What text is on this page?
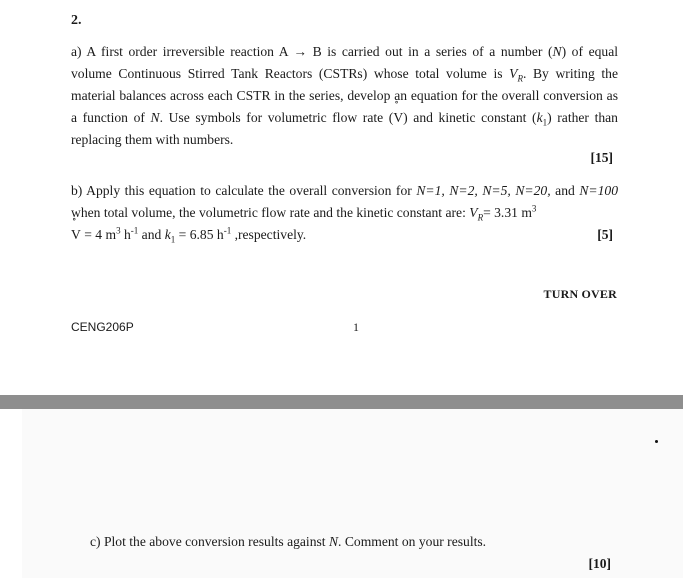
2.
a) A first order irreversible reaction A → B is carried out in a series of a number (N) of equal volume Continuous Stirred Tank Reactors (CSTRs) whose total volume is $V_R$. By writing the material balances across each CSTR in the series, develop an equation for the overall conversion as a function of N. Use symbols for volumetric flow rate (∘ V) and kinetic constant $(k_1)$ rather than replacing them with numbers.
[15]
b) Apply this equation to calculate the overall conversion for N=1, N=2, N=5, N=20, and N=100 when total volume, the volumetric flow rate and the kinetic constant are: $V_R= 3.31$ $m^3$
∘ V = 4 $m^3$ $h^{-1}$ and $k_1 = 6.85$ $h^{-1}$ ,respectively.	[5]
TURN OVER
CENG206P	1
c) Plot the above conversion results against N. Comment on your results.
[10]
